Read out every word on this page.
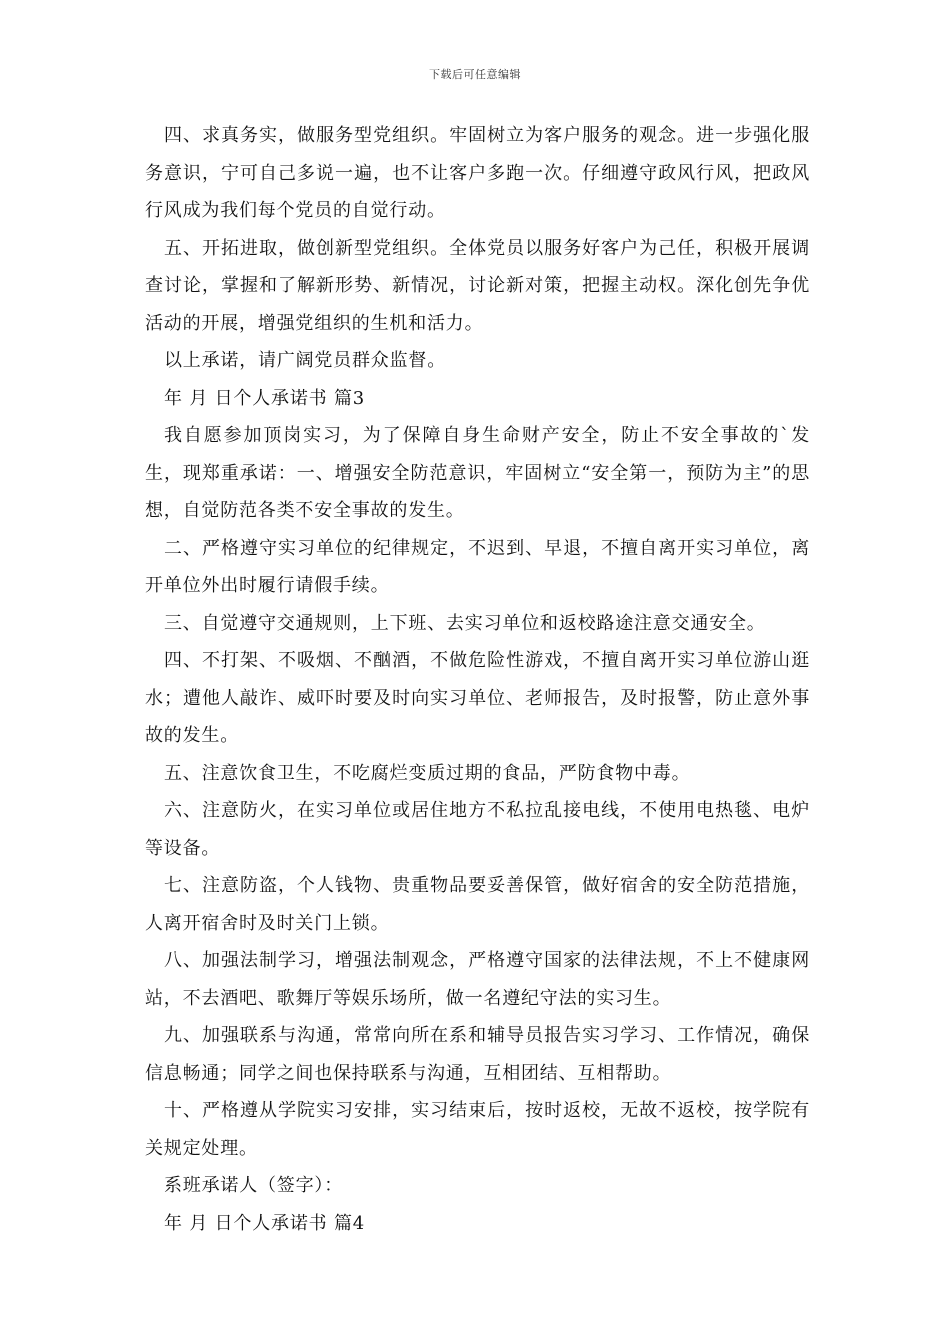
下载后可任意编辑

四、求真务实，做服务型党组织。牢固树立为客户服务的观念。进一步强化服务意识，宁可自己多说一遍，也不让客户多跑一次。仔细遵守政风行风，把政风行风成为我们每个党员的自觉行动。

五、开拓进取，做创新型党组织。全体党员以服务好客户为己任，积极开展调查讨论，掌握和了解新形势、新情况，讨论新对策，把握主动权。深化创先争优活动的开展，增强党组织的生机和活力。

以上承诺，请广阔党员群众监督。

年 月 日个人承诺书 篇3

我自愿参加顶岗实习，为了保障自身生命财产安全，防止不安全事故的`发生，现郑重承诺：一、增强安全防范意识，牢固树立“安全第一，预防为主”的思想，自觉防范各类不安全事故的发生。

二、严格遵守实习单位的纪律规定，不迟到、早退，不擅自离开实习单位，离开单位外出时履行请假手续。

三、自觉遵守交通规则，上下班、去实习单位和返校路途注意交通安全。

四、不打架、不吸烟、不酗酒，不做危险性游戏，不擅自离开实习单位游山逛水；遭他人敲诈、威吓时要及时向实习单位、老师报告，及时报警，防止意外事故的发生。

五、注意饮食卫生，不吃腐烂变质过期的食品，严防食物中毒。

六、注意防火，在实习单位或居住地方不私拉乱接电线，不使用电热毯、电炉等设备。

七、注意防盗，个人钱物、贵重物品要妥善保管，做好宿舍的安全防范措施，人离开宿舍时及时关门上锁。

八、加强法制学习，增强法制观念，严格遵守国家的法律法规，不上不健康网站，不去酒吧、歌舞厅等娱乐场所，做一名遵纪守法的实习生。

九、加强联系与沟通，常常向所在系和辅导员报告实习学习、工作情况，确保信息畅通；同学之间也保持联系与沟通，互相团结、互相帮助。

十、严格遵从学院实习安排，实习结束后，按时返校，无故不返校，按学院有关规定处理。

系班承诺人（签字）：

年 月 日个人承诺书 篇4
